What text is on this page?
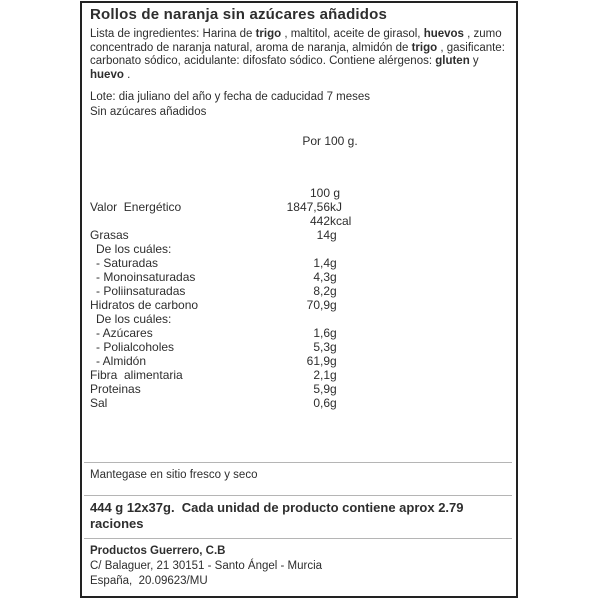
Rollos de naranja sin azúcares añadidos
Lista de ingredientes: Harina de trigo , maltitol, aceite de girasol, huevos , zumo concentrado de naranja natural, aroma de naranja, almidón de trigo , gasificante: carbonato sódico, acidulante: difosfato sódico. Contiene alérgenos: gluten y huevo .
Lote: dia juliano del año y fecha de caducidad 7 meses
Sin azúcares añadidos
Por 100 g.
100 g
Valor  Energético	1847,56 kJ
442 kcal
Grasas	14 g
De los cuáles:
- Saturadas	1,4 g
- Monoinsaturadas	4,3 g
- Poliinsaturadas	8,2 g
Hidratos de carbono	70,9 g
De los cuáles:
- Azúcares	1,6 g
- Polialcoholes	5,3 g
- Almidón	61,9 g
Fibra  alimentaria	2,1 g
Proteinas	5,9 g
Sal	0,6 g
Mantegase en sitio fresco y seco
444 g 12x37g.  Cada unidad de producto contiene aprox 2.79 raciones
Productos Guerrero, C.B
C/ Balaguer, 21 30151 - Santo Ángel - Murcia
España,  20.09623/MU
